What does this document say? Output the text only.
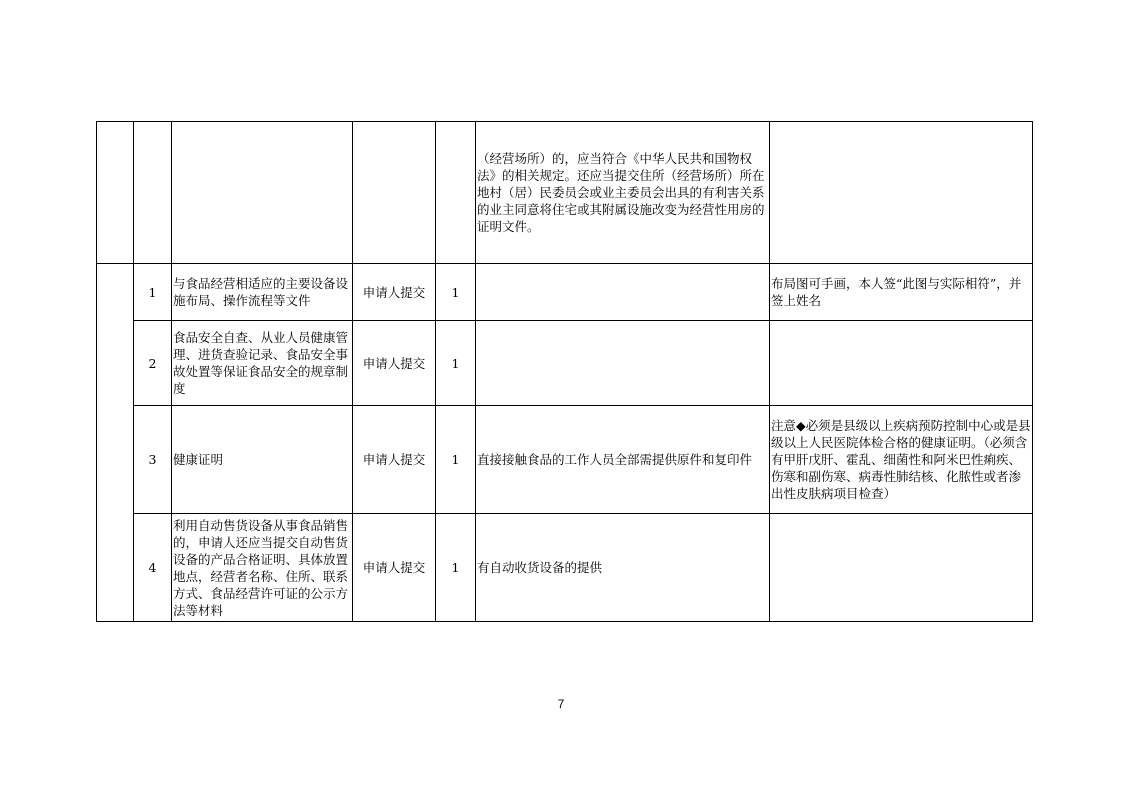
					（经营场所）的，应当符合《中华人民共和国物权法》的相关规定。还应当提交住所（经营场所）所在地村（居）民委员会或业主委员会出具的有利害关系的业主同意将住宅或其附属设施改变为经营性用房的证明文件。	

	1	与食品经营相适应的主要设备设施布局、操作流程等文件	申请人提交	1		布局图可手画，本人签“此图与实际相符”，并签上姓名
	2	食品安全自查、从业人员健康管理、进货查验记录、食品安全事故处置等保证食品安全的规章制度	申请人提交	1		
	3	健康证明	申请人提交	1	直接接触食品的工作人员全部需提供原件和复印件	注意◆必须是县级以上疾病预防控制中心或是县级以上人民医院体检合格的健康证明。（必须含有甲肝戊肝、霍乱、细菌性和阿米巴性痢疾、伤寒和副伤寒、病毒性肺结核、化脓性或者渗出性皮肤病项目检查）
	4	利用自动售货设备从事食品销售的，申请人还应当提交自动售货设备的产品合格证明、具体放置地点，经营者名称、住所、联系方式、食品经营许可证的公示方法等材料	申请人提交	1	有自动收货设备的提供	
7
